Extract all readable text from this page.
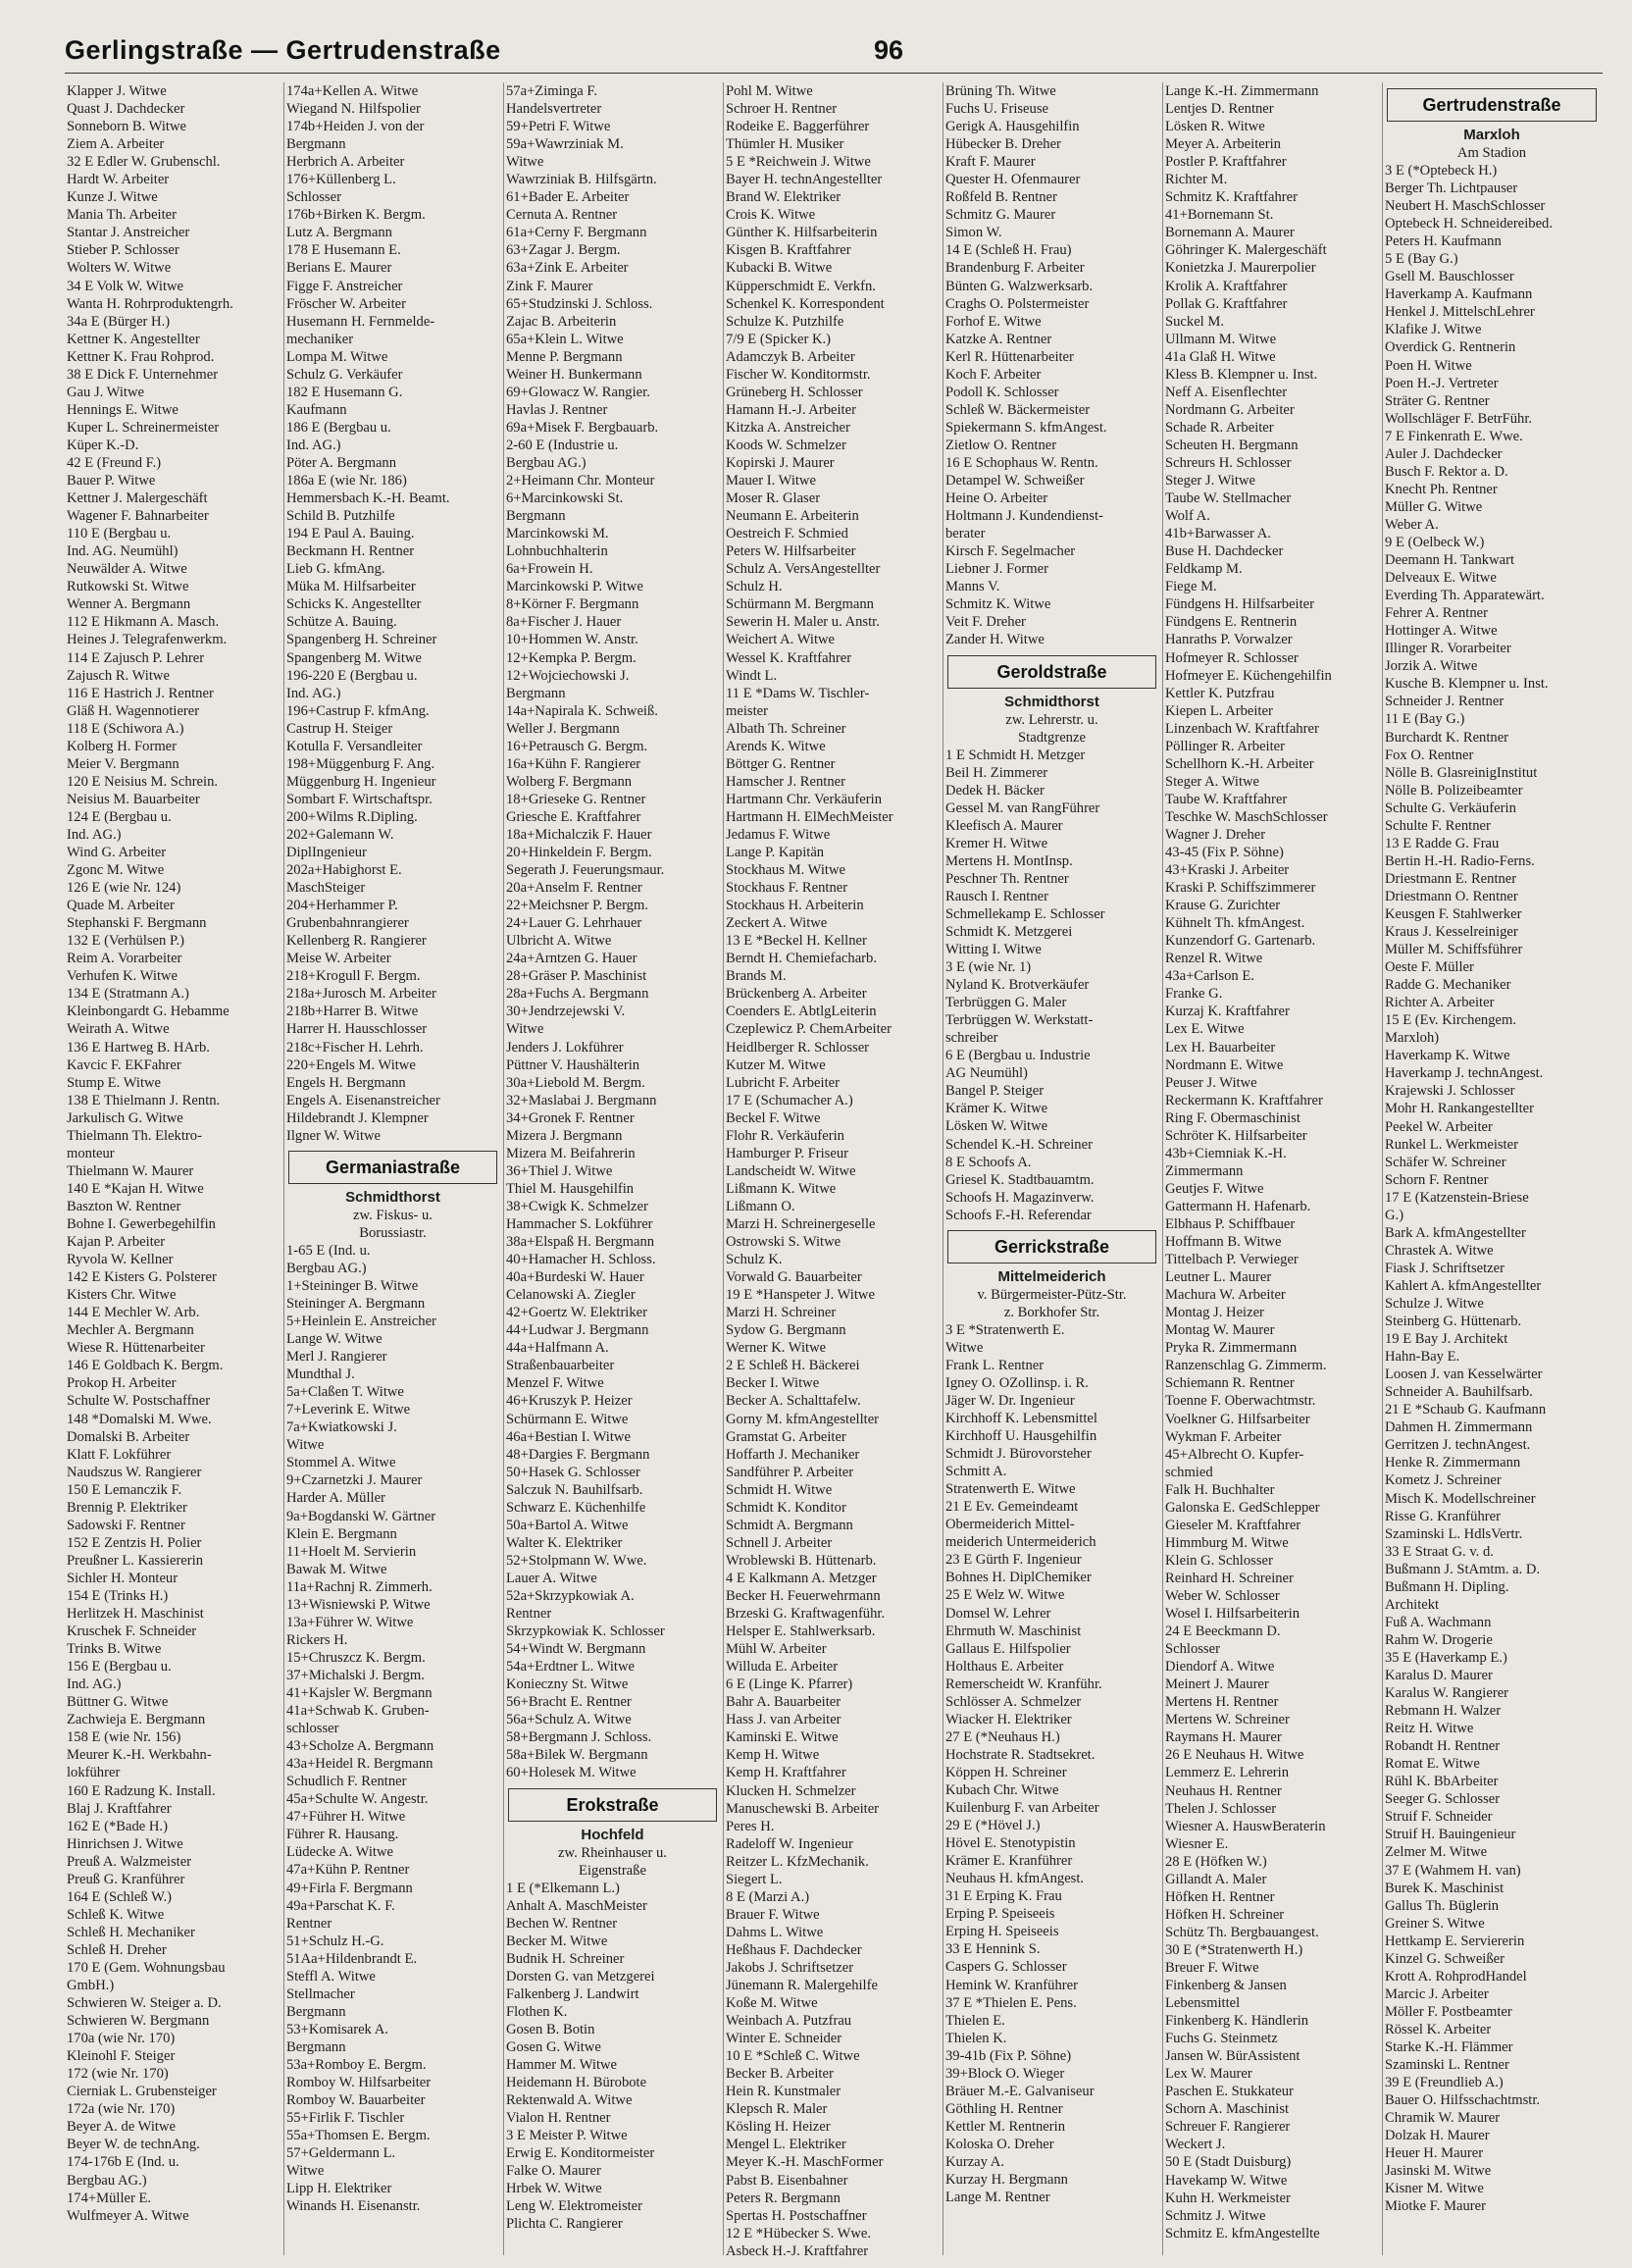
Gerlingstraße — Gertrudenstraße	96
Klapper J. Witwe
Quast J. Dachdecker
Sonneborn B. Witwe
Ziem A. Arbeiter
32 E Edler W. Grubenschl.
Hardt W. Arbeiter
Kunze J. Witwe
Mania Th. Arbeiter
Stantar J. Anstreicher
Stieber P. Schlosser
Wolters W. Witwe
34 E Volk W. Witwe
Wanta H. Rohrproduktengrh.
34a E (Bürger H.)
Kettner K. Angestellter
Kettner K. Frau Rohprod.
38 E Dick F. Unternehmer
Gau J. Witwe
Hennings E. Witwe
Kuper L. Schreinermeister
Küper K.-D.
42 E (Freund F.)
Bauer P. Witwe
Kettner J. Malergeschäft
Wagener F. Bahnarbeiter
110 E (Bergbau u.
Ind. AG. Neumühl)
Neuwälder A. Witwe
Rutkowski St. Witwe
Wenner A. Bergmann
112 E Hikmann A. Masch.
Heines J. Telegrafenwerkm.
114 E Zajusch P. Lehrer
Zajusch R. Witwe
116 E Hastrich J. Rentner
Gläß H. Wagennotierer
118 E (Schiwora A.)
Kolberg H. Former
Meier V. Bergmann
120 E Neisius M. Schrein.
Neisius M. Bauarbeiter
124 E (Bergbau u.
Ind. AG.)
Wind G. Arbeiter
Zgonc M. Witwe
126 E (wie Nr. 124)
Quade M. Arbeiter
Stephanski F. Bergmann
132 E (Verhülsen P.)
Reim A. Vorarbeiter
Verhufen K. Witwe
134 E (Stratmann A.)
Kleinbongardt G. Hebamme
Weirath A. Witwe
136 E Hartweg B. HArb.
Kavcic F. EKFahrer
Stump E. Witwe
138 E Thielmann J. Rentn.
Jarkulisch G. Witwe
Thielmann Th. Elektro-
monteur
Thielmann W. Maurer
140 E *Kajan H. Witwe
Baszton W. Rentner
Bohne I. Gewerbegehilfin
Kajan P. Arbeiter
Ryvola W. Kellner
142 E Kisters G. Polsterer
Kisters Chr. Witwe
144 E Mechler W. Arb.
Mechler A. Bergmann
Wiese R. Hüttenarbeiter
146 E Goldbach K. Bergm.
Prokop H. Arbeiter
Schulte W. Postschaffner
148 *Domalski M. Wwe.
Domalski B. Arbeiter
Klatt F. Lokführer
Naudszus W. Rangierer
150 E Lemanczik F.
Brennig P. Elektriker
Sadowski F. Rentner
152 E Zentzis H. Polier
Preußner L. Kassiererin
Sichler H. Monteur
154 E (Trinks H.)
Herlitzek H. Maschinist
Kruschek F. Schneider
Trinks B. Witwe
156 E (Bergbau u.
Ind. AG.)
Büttner G. Witwe
Zachwieja E. Bergmann
158 E (wie Nr. 156)
Meurer K.-H. Werkbahn-
lokführer
160 E Radzung K. Install.
Blaj J. Kraftfahrer
162 E (*Bade H.)
Hinrichsen J. Witwe
Preuß A. Walzmeister
Preuß G. Kranführer
164 E (Schleß W.)
Schleß K. Witwe
Schleß H. Mechaniker
Schleß H. Dreher
170 E (Gem. Wohnungsbau
GmbH.)
Schwieren W. Steiger a. D.
Schwieren W. Bergmann
170a (wie Nr. 170)
Kleinohl F. Steiger
172 (wie Nr. 170)
Cierniak L. Grubensteiger
172a (wie Nr. 170)
Beyer A. de Witwe
Beyer W. de technAng.
174-176b E (Ind. u.
Bergbau AG.)
174+Müller E.
Wulfmeyer A. Witwe
174a+Kellen A. Witwe
Wiegand N. Hilfspolier
174b+Heiden J. von der
Bergmann
Herbrich A. Arbeiter
176+Küllenberg L.
Schlosser
176b+Birken K. Bergm.
Lutz A. Bergmann
178 E Husemann E.
Berians E. Maurer
Figge F. Anstreicher
Fröscher W. Arbeiter
Husemann H. Fernmelde-
mechaniker
Lompa M. Witwe
Schulz G. Verkäufer
182 E Husemann G.
Kaufmann
186 E (Bergbau u.
Ind. AG.)
Pöter A. Bergmann
186a E (wie Nr. 186)
Hemmersbach K.-H. Beamt.
Schild B. Putzhilfe
194 E Paul A. Bauing.
Beckmann H. Rentner
Lieb G. kfmAng.
Müka M. Hilfsarbeiter
Schicks K. Angestellter
Schütze A. Bauing.
Spangenberg H. Schreiner
Spangenberg M. Witwe
196-220 E (Bergbau u.
Ind. AG.)
196+Castrup F. kfmAng.
Castrup H. Steiger
Kotulla F. Versandleiter
198+Müggenburg F. Ang.
Müggenburg H. Ingenieur
Sombart F. Wirtschaftspr.
200+Wilms R.Dipling.
202+Galemann W.
DiplIngenieur
202a+Habighorst E.
MaschSteiger
204+Herhammer P.
Grubenbahnrangierer
Kellenberg R. Rangierer
Meise W. Arbeiter
218+Krogull F. Bergm.
218a+Jurosch M. Arbeiter
218b+Harrer B. Witwe
Harrer H. Hausschlosser
218c+Fischer H. Lehrh.
220+Engels M. Witwe
Engels H. Bergmann
Engels A. Eisenanstreicher
Hildebrandt J. Klempner
Ilgner W. Witwe
Germaniastraße
Schmidthorst
zw. Fiskus- u.
Borussiastr.
1-65 E (Ind. u.
Bergbau AG.)
1+Steininger B. Witwe
Steininger A. Bergmann
5+Heinlein E. Anstreicher
Lange W. Witwe
Merl J. Rangierer
Mundthal J.
5a+Claßen T. Witwe
7+Leverink E. Witwe
7a+Kwiatkowski J.
Witwe
Stommel A. Witwe
9+Czarnetzki J. Maurer
Harder A. Müller
9a+Bogdanski W. Gärtner
Klein E. Bergmann
11+Hoelt M. Servierin
Bawak M. Witwe
11a+Rachnj R. Zimmerh.
13+Wisniewski P. Witwe
13a+Führer W. Witwe
Rickers H.
15+Chruszcz K. Bergm.
37+Michalski J. Bergm.
41+Kajsler W. Bergmann
41a+Schwab K. Gruben-
schlosser
43+Scholze A. Bergmann
43a+Heidel R. Bergmann
Schudlich F. Rentner
45a+Schulte W. Angestr.
47+Führer H. Witwe
Führer R. Hausang.
Lüdecke A. Witwe
47a+Kühn P. Rentner
49+Firla F. Bergmann
49a+Parschat K. F.
Rentner
51+Schulz H.-G.
51Aa+Hildenbrandt E.
Steffl A. Witwe
Stellmacher
Bergmann
53+Komisarek A.
Bergmann
53a+Romboy E. Bergm.
Romboy W. Hilfsarbeiter
Romboy W. Bauarbeiter
55+Firlik F. Tischler
55a+Thomsen E. Bergm.
57+Geldermann L.
Witwe
Lipp H. Elektriker
Winands H. Eisenanstr.
57a+Ziminga F.
Handelsvertreter
59+Petri F. Witwe
59a+Wawrziniak M.
Witwe
Wawrziniak B. Hilfsgärtn.
61+Bader E. Arbeiter
Cernuta A. Rentner
61a+Cerny F. Bergmann
63+Zagar J. Bergm.
63a+Zink E. Arbeiter
Zink F. Maurer
65+Studzinski J. Schloss.
Zajac B. Arbeiterin
65a+Klein L. Witwe
Menne P. Bergmann
Weiner H. Bunkermann
69+Glowacz W. Rangier.
Havlas J. Rentner
69a+Misek F. Bergbauarb.
2-60 E (Industrie u.
Bergbau AG.)
2+Heimann Chr. Monteur
6+Marcinkowski St.
Bergmann
Marcinkowski M.
Lohnbuchhalterin
6a+Frowein H.
Marcinkowski P. Witwe
8+Körner F. Bergmann
8a+Fischer J. Hauer
10+Hommen W. Anstr.
12+Kempka P. Bergm.
12+Wojciechowski J.
Bergmann
14a+Napirala K. Schweiß.
Weller J. Bergmann
16+Petrausch G. Bergm.
16a+Kühn F. Rangierer
Wolberg F. Bergmann
18+Grieseke G. Rentner
Griesche E. Kraftfahrer
18a+Michalczik F. Hauer
20+Hinkeldein F. Bergm.
Segerath J. Feuerungsmaur.
20a+Anselm F. Rentner
22+Meichsner P. Bergm.
24+Lauer G. Lehrhauer
Ulbricht A. Witwe
24a+Arntzen G. Hauer
28+Gräser P. Maschinist
28a+Fuchs A. Bergmann
30+Jendrzejewski V.
Witwe
Jenders J. Lokführer
Püttner V. Haushälterin
30a+Liebold M. Bergm.
32+Maslabai J. Bergmann
34+Gronek F. Rentner
Mizera J. Bergmann
Mizera M. Beifahrerin
36+Thiel J. Witwe
Thiel M. Hausgehilfin
38+Cwigk K. Schmelzer
Hammacher S. Lokführer
38a+Elspaß H. Bergmann
40+Hamacher H. Schloss.
40a+Burdeski W. Hauer
Celanowski A. Ziegler
42+Goertz W. Elektriker
44+Ludwar J. Bergmann
44a+Halfmann A.
Straßenbauarbeiter
Menzel F. Witwe
46+Kruszyk P. Heizer
Schürmann E. Witwe
46a+Bestian I. Witwe
48+Dargies F. Bergmann
50+Hasek G. Schlosser
Salczuk N. Bauhilfsarb.
Schwarz E. Küchenhilfe
50a+Bartol A. Witwe
Walter K. Elektriker
52+Stolpmann W. Wwe.
Lauer A. Witwe
52a+Skrzypkowiak A.
Rentner
Skrzypkowiak K. Schlosser
54+Windt W. Bergmann
54a+Erdtner L. Witwe
Konieczny St. Witwe
56+Bracht E. Rentner
56a+Schulz A. Witwe
58+Bergmann J. Schloss.
58a+Bilek W. Bergmann
60+Holesek M. Witwe
Erokstraße
Hochfeld
zw. Rheinhauser u.
Eigenstraße
1 E (*Elkemann L.)
Anhalt A. MaschMeister
Bechen W. Rentner
Becker M. Witwe
Budnik H. Schreiner
Dorsten G. van Metzgerei
Falkenberg J. Landwirt
Flothen K.
Gosen B. Botin
Gosen G. Witwe
Hammer M. Witwe
Heidemann H. Bürobote
Rektenwald A. Witwe
Vialon H. Rentner
3 E Meister P. Witwe
Erwig E. Konditormeister
Falke O. Maurer
Hrbek W. Witwe
Leng W. Elektromeister
Plichta C. Rangierer
Pohl M. Witwe
Schroer H. Rentner
Rodeike E. Baggerführer
Thümler H. Musiker
5 E *Reichwein J. Witwe
Bayer H. technAngestellter
Brand W. Elektriker
Crois K. Witwe
Günther K. Hilfsarbeiterin
Kisgen B. Kraftfahrer
Kubacki B. Witwe
Küpperschmidt E. Verkfn.
Schenkel K. Korrespondent
Schulze K. Putzhilfe
7/9 E (Spicker K.)
Adamczyk B. Arbeiter
Fischer W. Konditormstr.
Grüneberg H. Schlosser
Hamann H.-J. Arbeiter
Kitzka A. Anstreicher
Koods W. Schmelzer
Kopirski J. Maurer
Mauer I. Witwe
Moser R. Glaser
Neumann E. Arbeiterin
Oestreich F. Schmied
Peters W. Hilfsarbeiter
Schulz A. VersAngestellter
Schulz H.
Schürmann M. Bergmann
Sewerin H. Maler u. Anstr.
Weichert A. Witwe
Wessel K. Kraftfahrer
Windt L.
11 E *Dams W. Tischler-
meister
Albath Th. Schreiner
Arends K. Witwe
Böttger G. Rentner
Hamscher J. Rentner
Hartmann Chr. Verkäuferin
Hartmann H. ElMechMeister
Jedamus F. Witwe
Lange P. Kapitän
Stockhaus M. Witwe
Stockhaus F. Rentner
Stockhaus H. Arbeiterin
Zeckert A. Witwe
13 E *Beckel H. Kellner
Berndt H. Chemiefacharb.
Brands M.
Brückenberg A. Arbeiter
Coenders E. AbtlgLeiterin
Czeplewicz P. ChemArbeiter
Heidlberger R. Schlosser
Kutzer M. Witwe
Lubricht F. Arbeiter
17 E (Schumacher A.)
Beckel F. Witwe
Flohr R. Verkäuferin
Hamburger P. Friseur
Landscheidt W. Witwe
Lißmann K. Witwe
Lißmann O.
Marzi H. Schreinergeselle
Ostrowski S. Witwe
Schulz K.
Vorwald G. Bauarbeiter
19 E *Hanspeter J. Witwe
Marzi H. Schreiner
Sydow G. Bergmann
Werner K. Witwe
2 E Schleß H. Bäckerei
Becker I. Witwe
Becker A. Schalttafelw.
Gorny M. kfmAngestellter
Gramstat G. Arbeiter
Hoffarth J. Mechaniker
Sandführer P. Arbeiter
Schmidt H. Witwe
Schmidt K. Konditor
Schmidt A. Bergmann
Schnell J. Arbeiter
Wroblewski B. Hüttenarb.
4 E Kalkmann A. Metzger
Becker H. Feuerwehrmann
Brzeski G. Kraftwagenführ.
Helsper E. Stahlwerksarb.
Mühl W. Arbeiter
Willuda E. Arbeiter
6 E (Linge K. Pfarrer)
Bahr A. Bauarbeiter
Hass J. van Arbeiter
Kaminski E. Witwe
Kemp H. Witwe
Kemp H. Kraftfahrer
Klucken H. Schmelzer
Manuschewski B. Arbeiter
Peres H.
Radeloff W. Ingenieur
Reitzer L. KfzMechanik.
Siegert L.
8 E (Marzi A.)
Brauer F. Witwe
Dahms L. Witwe
Heßhaus F. Dachdecker
Jakobs J. Schriftsetzer
Jünemann R. Malergehilfe
Koße M. Witwe
Weinbach A. Putzfrau
Winter E. Schneider
10 E *Schleß C. Witwe
Becker B. Arbeiter
Hein R. Kunstmaler
Klepsch R. Maler
Kösling H. Heizer
Mengel L. Elektriker
Meyer K.-H. MaschFormer
Pabst B. Eisenbahner
Peters R. Bergmann
Spertas H. Postschaffner
12 E *Hübecker S. Wwe.
Asbeck H.-J. Kraftfahrer
Brüning Th. Witwe
Fuchs U. Friseuse
Gerigk A. Hausgehilfin
Hübecker B. Dreher
Kraft F. Maurer
Quester H. Ofenmaurer
Roßfeld B. Rentner
Schmitz G. Maurer
Simon W.
14 E (Schleß H. Frau)
Brandenburg F. Arbeiter
Bünten G. Walzwerksarb.
Craghs O. Polstermeister
Forhof E. Witwe
Katzke A. Rentner
Kerl R. Hüttenarbeiter
Koch F. Arbeiter
Podoll K. Schlosser
Schleß W. Bäckermeister
Spiekermann S. kfmAngest.
Zietlow O. Rentner
16 E Schophaus W. Rentn.
Detampel W. Schweißer
Heine O. Arbeiter
Holtmann J. Kundendienst-
berater
Kirsch F. Segelmacher
Liebner J. Former
Manns V.
Schmitz K. Witwe
Veit F. Dreher
Zander H. Witwe
Geroldstraße
Schmidthorst
zw. Lehrerstr. u.
Stadtgrenze
1 E Schmidt H. Metzger
Beil H. Zimmerer
Dedek H. Bäcker
Gessel M. van RangFührer
Kleefisch A. Maurer
Kremer H. Witwe
Mertens H. MontInsp.
Peschner Th. Rentner
Rausch I. Rentner
Schmellekamp E. Schlosser
Schmidt K. Metzgerei
Witting I. Witwe
3 E (wie Nr. 1)
Nyland K. Brotverkäufer
Terbrüggen G. Maler
Terbrüggen W. Werkstatt-
schreiber
6 E (Bergbau u. Industrie
AG Neumühl)
Bangel P. Steiger
Krämer K. Witwe
Lösken W. Witwe
Schendel K.-H. Schreiner
8 E Schoofs A.
Griesel K. Stadtbauamtm.
Schoofs H. Magazinverw.
Schoofs F.-H. Referendar
Gerrickstraße
Mittelmeiderich
v. Bürgermeister-Pütz-Str.
z. Borkhofer Str.
3 E *Stratenwerth E.
Witwe
Frank L. Rentner
Igney O. OZollinsp. i. R.
Jäger W. Dr. Ingenieur
Kirchhoff K. Lebensmittel
Kirchhoff U. Hausgehilfin
Schmidt J. Bürovorsteher
Schmitt A.
Stratenwerth E. Witwe
21 E Ev. Gemeindeamt
Obermeiderich Mittel-
meiderich Untermeiderich
23 E Gürth F. Ingenieur
Bohnes H. DiplChemiker
25 E Welz W. Witwe
Domsel W. Lehrer
Ehrmuth W. Maschinist
Gallaus E. Hilfspolier
Holthaus E. Arbeiter
Remerscheidt W. Kranführ.
Schlösser A. Schmelzer
Wiacker H. Elektriker
27 E (*Neuhaus H.)
Hochstrate R. Stadtsekret.
Köppen H. Schreiner
Kubach Chr. Witwe
Kuilenburg F. van Arbeiter
29 E (*Hövel J.)
Hövel E. Stenotypistin
Krämer E. Kranführer
Neuhaus H. kfmAngest.
31 E Erping K. Frau
Erping P. Speiseeis
Erping H. Speiseeis
33 E Hennink S.
Caspers G. Schlosser
Hemink W. Kranführer
37 E *Thielen E. Pens.
Thielen E.
Thielen K.
39-41b (Fix P. Söhne)
39+Block O. Wieger
Bräuer M.-E. Galvaniseur
Göthling H. Rentner
Kettler M. Rentnerin
Koloska O. Dreher
Kurzay A.
Kurzay H. Bergmann
Lange M. Rentner
Lange K.-H. Zimmermann
Lentjes D. Rentner
Lösken R. Witwe
Meyer A. Arbeiterin
Postler P. Kraftfahrer
Richter M.
Schmitz K. Kraftfahrer
41+Bornemann St.
Bornemann A. Maurer
Göhringer K. Malergeschäft
Konietzka J. Maurerpolier
Krolik A. Kraftfahrer
Pollak G. Kraftfahrer
Suckel M.
Ullmann M. Witwe
41a Glaß H. Witwe
Kless B. Klempner u. Inst.
Neff A. Eisenflechter
Nordmann G. Arbeiter
Schade R. Arbeiter
Scheuten H. Bergmann
Schreurs H. Schlosser
Steger J. Witwe
Taube W. Stellmacher
Wolf A.
41b+Barwasser A.
Buse H. Dachdecker
Feldkamp M.
Fiege M.
Fündgens H. Hilfsarbeiter
Fündgens E. Rentnerin
Hanraths P. Vorwalzer
Hofmeyer R. Schlosser
Hofmeyer E. Küchengehilfin
Kettler K. Putzfrau
Kiepen L. Arbeiter
Linzenbach W. Kraftfahrer
Pöllinger R. Arbeiter
Schellhorn K.-H. Arbeiter
Steger A. Witwe
Taube W. Kraftfahrer
Teschke W. MaschSchlosser
Wagner J. Dreher
43-45 (Fix P. Söhne)
43+Kraski J. Arbeiter
Kraski P. Schiffszimmerer
Krause G. Zurichter
Kühnelt Th. kfmAngest.
Kunzendorf G. Gartenarb.
Renzel R. Witwe
43a+Carlson E.
Franke G.
Kurzaj K. Kraftfahrer
Lex E. Witwe
Lex H. Bauarbeiter
Nordmann E. Witwe
Peuser J. Witwe
Reckermann K. Kraftfahrer
Ring F. Obermaschinist
Schröter K. Hilfsarbeiter
43b+Ciemniak K.-H.
Zimmermann
Geutjes F. Witwe
Gattermann H. Hafenarb.
Elbhaus P. Schiffbauer
Hoffmann B. Witwe
Tittelbach P. Verwieger
Leutner L. Maurer
Machura W. Arbeiter
Montag J. Heizer
Montag W. Maurer
Pryka R. Zimmermann
Ranzenschlag G. Zimmerm.
Schiemann R. Rentner
Toenne F. Oberwachtmstr.
Voelkner G. Hilfsarbeiter
Wykman F. Arbeiter
45+Albrecht O. Kupfer-
schmied
Falk H. Buchhalter
Galonska E. GedSchlepper
Gieseler M. Kraftfahrer
Himmburg M. Witwe
Klein G. Schlosser
Reinhard H. Schreiner
Weber W. Schlosser
Wosel I. Hilfsarbeiterin
24 E Beeckmann D.
Schlosser
Diendorf A. Witwe
Meinert J. Maurer
Mertens H. Rentner
Mertens W. Schreiner
Raymans H. Maurer
26 E Neuhaus H. Witwe
Lemmerz E. Lehrerin
Neuhaus H. Rentner
Thelen J. Schlosser
Wiesner A. HauswBeraterin
Wiesner E.
28 E (Höfken W.)
Gillandt A. Maler
Höfken H. Rentner
Höfken H. Schreiner
Schütz Th. Bergbauangest.
30 E (*Stratenwerth H.)
Breuer F. Witwe
Finkenberg & Jansen
Lebensmittel
Finkenberg K. Händlerin
Fuchs G. Steinmetz
Jansen W. BürAssistent
Lex W. Maurer
Paschen E. Stukkateur
Schorn A. Maschinist
Schreuer F. Rangierer
Weckert J.
50 E (Stadt Duisburg)
Havekamp W. Witwe
Kuhn H. Werkmeister
Schmitz J. Witwe
Schmitz E. kfmAngestellte
Gertrudenstraße
Marxloh
Am Stadion
3 E (*Optebeck H.)
Berger Th. Lichtpauser
Neubert H. MaschSchlosser
Optebeck H. Schneidereibed.
Peters H. Kaufmann
5 E (Bay G.)
Gsell M. Bauschlosser
Haverkamp A. Kaufmann
Henkel J. MittelschLehrer
Klafike J. Witwe
Overdick G. Rentnerin
Poen H. Witwe
Poen H.-J. Vertreter
Sträter G. Rentner
Wollschläger F. BetrFühr.
7 E Finkenrath E. Wwe.
Auler J. Dachdecker
Busch F. Rektor a. D.
Knecht Ph. Rentner
Müller G. Witwe
Weber A.
9 E (Oelbeck W.)
Deemann H. Tankwart
Delveaux E. Witwe
Everding Th. Apparatewärt.
Fehrer A. Rentner
Hottinger A. Witwe
Illinger R. Vorarbeiter
Jorzik A. Witwe
Kusche B. Klempner u. Inst.
Schneider J. Rentner
11 E (Bay G.)
Burchardt K. Rentner
Fox O. Rentner
Nölle B. GlasreinigInstitut
Nölle B. Polizeibeamter
Schulte G. Verkäuferin
Schulte F. Rentner
13 E Radde G. Frau
Bertin H.-H. Radio-Ferns.
Driestmann E. Rentner
Driestmann O. Rentner
Keusgen F. Stahlwerker
Kraus J. Kesselreiniger
Müller M. Schiffsführer
Oeste F. Müller
Radde G. Mechaniker
Richter A. Arbeiter
15 E (Ev. Kirchengem.
Marxloh)
Haverkamp K. Witwe
Haverkamp J. technAngest.
Krajewski J. Schlosser
Mohr H. Rankangestellter
Peekel W. Arbeiter
Runkel L. Werkmeister
Schäfer W. Schreiner
Schorn F. Rentner
17 E (Katzenstein-Briese
G.)
Bark A. kfmAngestellter
Chrastek A. Witwe
Fiask J. Schriftsetzer
Kahlert A. kfmAngestellter
Schulze J. Witwe
Steinberg G. Hüttenarb.
19 E Bay J. Architekt
Hahn-Bay E.
Loosen J. van Kesselwärter
Schneider A. Bauhilfsarb.
21 E *Schaub G. Kaufmann
Dahmen H. Zimmermann
Gerritzen J. technAngest.
Henke R. Zimmermann
Kometz J. Schreiner
Misch K. Modellschreiner
Risse G. Kranführer
Szaminski L. HdlsVertr.
33 E Straat G. v. d.
Bußmann J. StAmtm. a. D.
Bußmann H. Dipling.
Architekt
Fuß A. Wachmann
Rahm W. Drogerie
35 E (Haverkamp E.)
Karalus D. Maurer
Karalus W. Rangierer
Rebmann H. Walzer
Reitz H. Witwe
Robandt H. Rentner
Romat E. Witwe
Rühl K. BbArbeiter
Seeger G. Schlosser
Struif F. Schneider
Struif H. Bauingenieur
Zelmer M. Witwe
37 E (Wahmem H. van)
Burek K. Maschinist
Gallus Th. Büglerin
Greiner S. Witwe
Hettkamp E. Serviererin
Kinzel G. Schweißer
Krott A. RohprodHandel
Marcic J. Arbeiter
Möller F. Postbeamter
Rössel K. Arbeiter
Starke K.-H. Flämmer
Szaminski L. Rentner
39 E (Freundlieb A.)
Bauer O. Hilfsschachtmstr.
Chramik W. Maurer
Dolzak H. Maurer
Heuer H. Maurer
Jasinski M. Witwe
Kisner M. Witwe
Miotke F. Maurer
